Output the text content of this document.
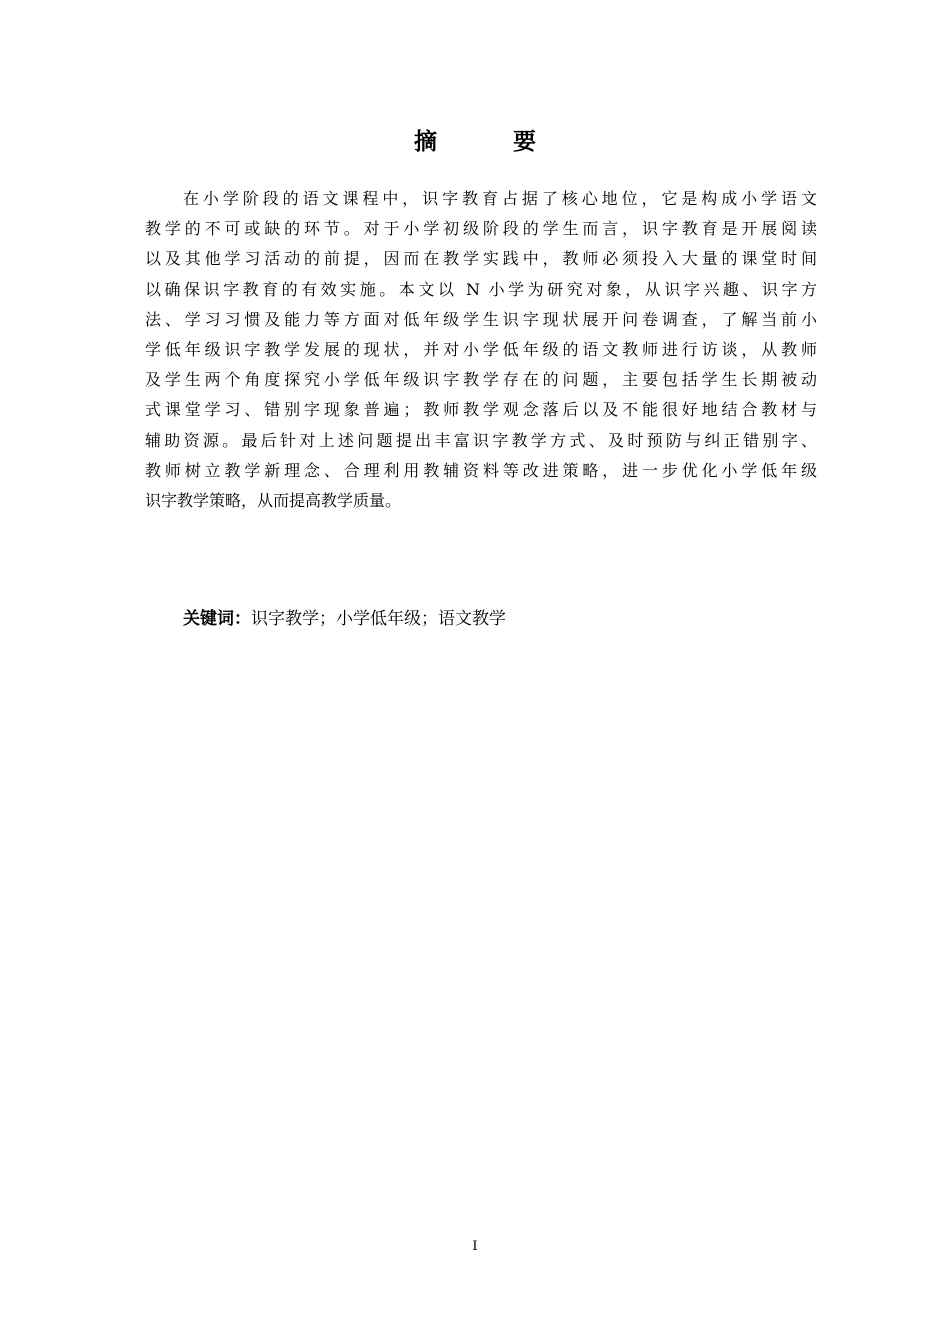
摘 要
在小学阶段的语文课程中，识字教育占据了核心地位，它是构成小学语文
教学的不可或缺的环节。对于小学初级阶段的学生而言，识字教育是开展阅读
以及其他学习活动的前提，因而在教学实践中，教师必须投入大量的课堂时间
以确保识字教育的有效实施。本文以 N 小学为研究对象，从识字兴趣、识字方
法、学习习惯及能力等方面对低年级学生识字现状展开问卷调查，了解当前小
学低年级识字教学发展的现状，并对小学低年级的语文教师进行访谈，从教师
及学生两个角度探究小学低年级识字教学存在的问题，主要包括学生长期被动
式课堂学习、错别字现象普遍；教师教学观念落后以及不能很好地结合教材与
辅助资源。最后针对上述问题提出丰富识字教学方式、及时预防与纠正错别字、
教师树立教学新理念、合理利用教辅资料等改进策略，进一步优化小学低年级
识字教学策略，从而提高教学质量。
关键词：识字教学；小学低年级；语文教学
I
